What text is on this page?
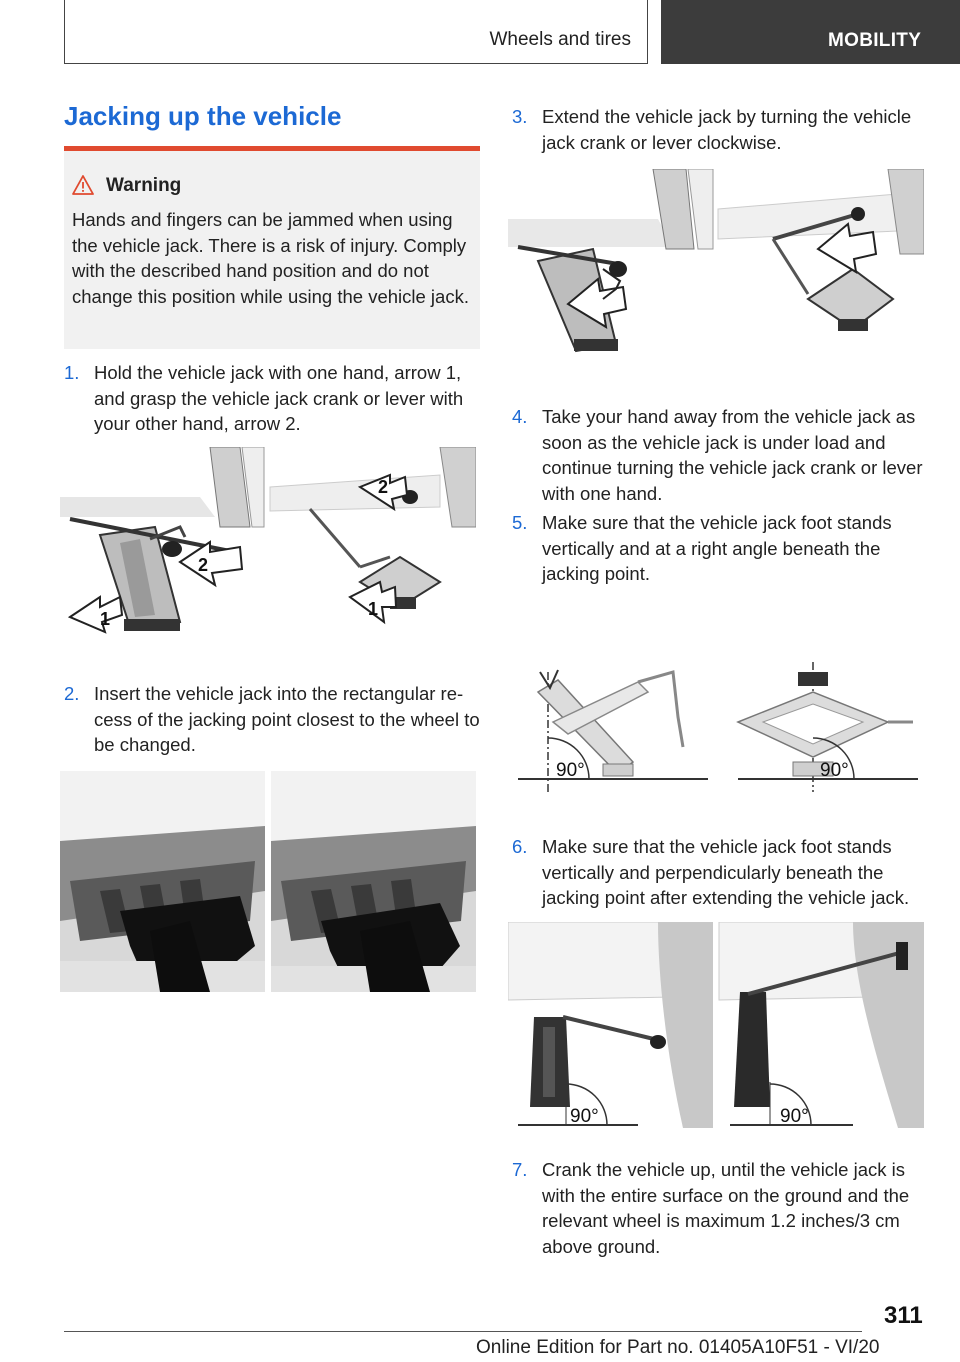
Wheels and tires	MOBILITY
Jacking up the vehicle
Warning
Hands and fingers can be jammed when using the vehicle jack. There is a risk of injury. Comply with the described hand position and do not change this position while using the vehicle jack.
1. Hold the vehicle jack with one hand, arrow 1, and grasp the vehicle jack crank or lever with your other hand, arrow 2.
1
2
2
1
2. Insert the vehicle jack into the rectangular recess of the jacking point closest to the wheel to be changed.
3. Extend the vehicle jack by turning the vehicle jack crank or lever clockwise.
4. Take your hand away from the vehicle jack as soon as the vehicle jack is under load and continue turning the vehicle jack crank or lever with one hand.
5. Make sure that the vehicle jack foot stands vertically and at a right angle beneath the jacking point.
90°	90°
6. Make sure that the vehicle jack foot stands vertically and perpendicularly beneath the jacking point after extending the vehicle jack.
90°	90°
7. Crank the vehicle up, until the vehicle jack is with the entire surface on the ground and the relevant wheel is maximum 1.2 inches/3 cm above ground.
311
Online Edition for Part no. 01405A10F51 - VI/20
